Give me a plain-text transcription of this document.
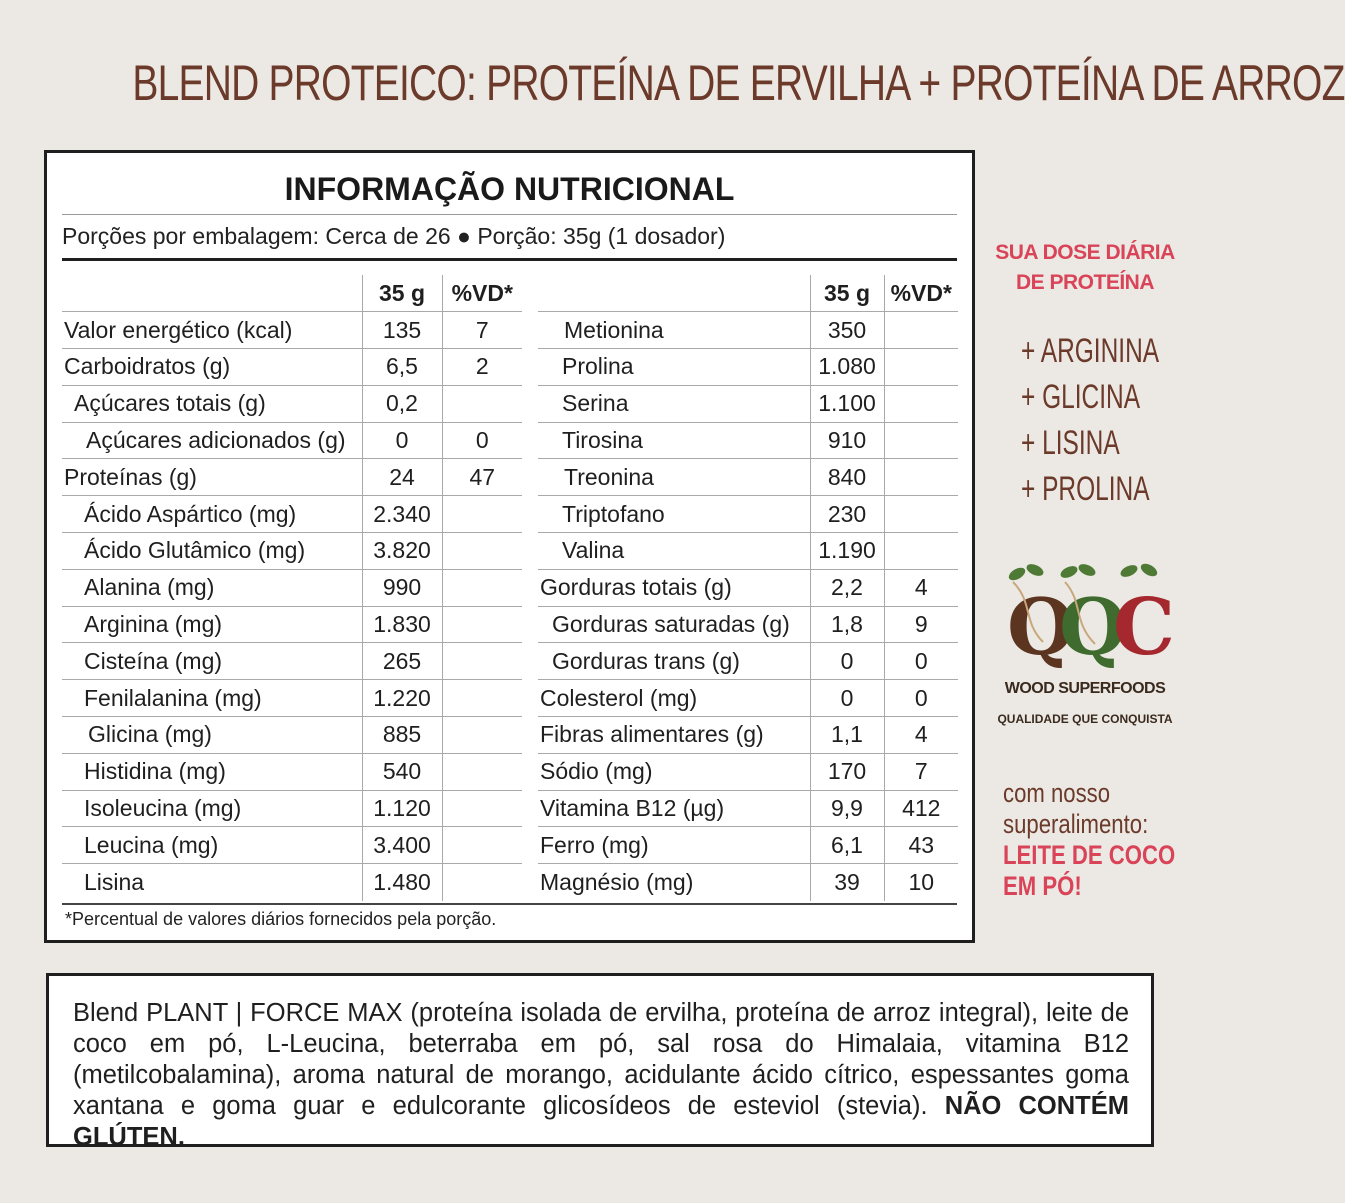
BLEND PROTEICO: PROTEÍNA DE ERVILHA + PROTEÍNA DE ARROZ
INFORMAÇÃO NUTRICIONAL
Porções por embalagem: Cerca de 26 ● Porção: 35g (1 dosador)
	35 g	%VD*
Valor energético (kcal)	135	7
Carboidratos (g)	6,5	2
Açúcares totais (g)	0,2	
Açúcares adicionados (g)	0	0
Proteínas (g)	24	47
Ácido Aspártico (mg)	2.340	
Ácido Glutâmico (mg)	3.820	
Alanina (mg)	990	
Arginina (mg)	1.830	
Cisteína (mg)	265	
Fenilalanina (mg)	1.220	
Glicina (mg)	885	
Histidina (mg)	540	
Isoleucina (mg)	1.120	
Leucina (mg)	3.400	
Lisina	1.480	
	35 g	%VD*
Metionina	350	
Prolina	1.080	
Serina	1.100	
Tirosina	910	
Treonina	840	
Triptofano	230	
Valina	1.190	
Gorduras totais (g)	2,2	4
Gorduras saturadas (g)	1,8	9
Gorduras trans (g)	0	0
Colesterol (mg)	0	0
Fibras alimentares (g)	1,1	4
Sódio (mg)	170	7
Vitamina B12 (µg)	9,9	412
Ferro (mg)	6,1	43
Magnésio (mg)	39	10
*Percentual de valores diários fornecidos pela porção.
SUA DOSE DIÁRIA
DE PROTEÍNA
+ ARGININA
+ GLICINA
+ LISINA
+ PROLINA
Q
Q
C
WOOD SUPERFOODS
QUALIDADE QUE CONQUISTA
com nosso
superalimento:
LEITE DE COCO
EM PÓ!
Blend PLANT | FORCE MAX (proteína isolada de ervilha, proteína de arroz integral), leite de coco em pó, L-Leucina, beterraba em pó, sal rosa do Himalaia, vitamina B12 (metilcobalamina), aroma natural de morango, acidulante ácido cítrico, espessantes goma xantana e goma guar e edulcorante glicosídeos de esteviol (stevia). NÃO CONTÉM GLÚTEN.
